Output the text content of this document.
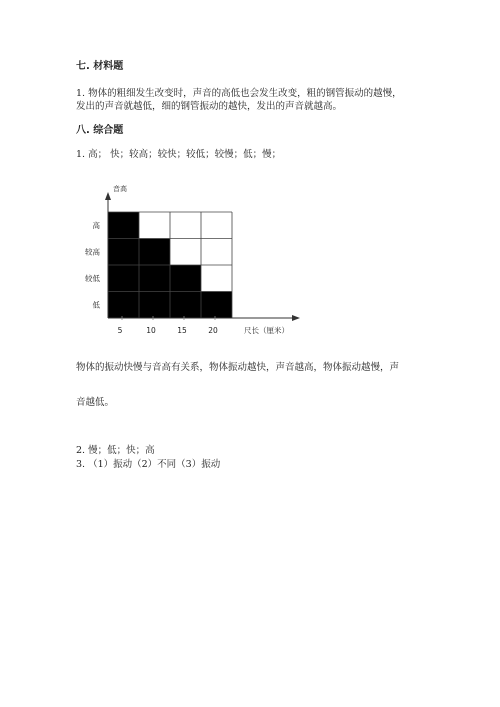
七. 材料题
1. 物体的粗细发生改变时，声音的高低也会发生改变，粗的钢管振动的越慢，
发出的声音就越低，细的钢管振动的越快，发出的声音就越高。
八. 综合题
1. 高； 快；较高；较快；较低；较慢；低；慢；
音高
低
较低
较高
高
5	10	15	20	尺长（厘米）
物体的振动快慢与音高有关系，物体振动越快，声音越高，物体振动越慢，声
音越低。
2. 慢；低；快；高
3. （1）振动（2）不同（3）振动
